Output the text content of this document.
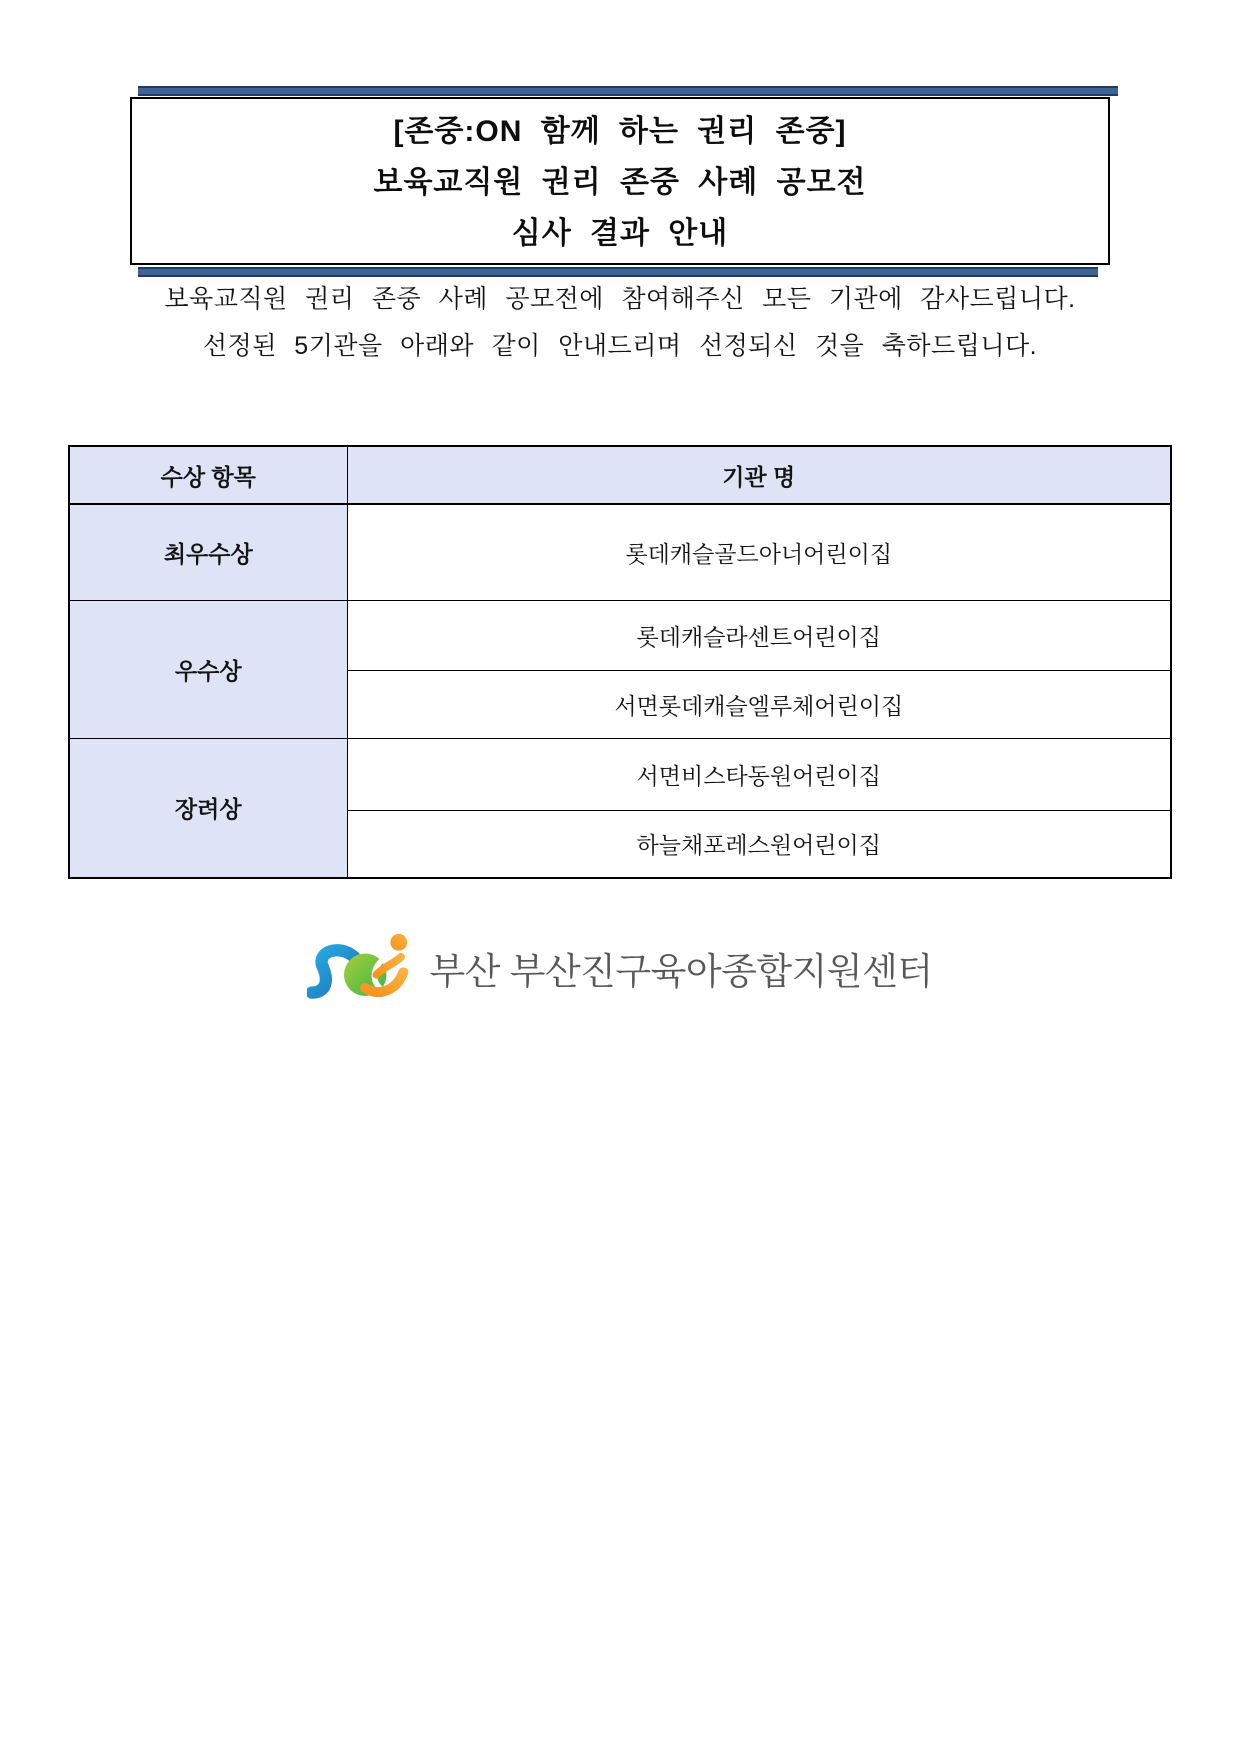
[존중:ON 함께 하는 권리 존중]
보육교직원 권리 존중 사례 공모전
심사 결과 안내
보육교직원 권리 존중 사례 공모전에 참여해주신 모든 기관에 감사드립니다.
선정된 5기관을 아래와 같이 안내드리며 선정되신 것을 축하드립니다.
수상 항목	기관 명
최우수상	롯데캐슬골드아너어린이집
우수상	롯데캐슬라센트어린이집
	서면롯데캐슬엘루체어린이집
장려상	서면비스타동원어린이집
	하늘채포레스원어린이집
부산 부산진구육아종합지원센터
